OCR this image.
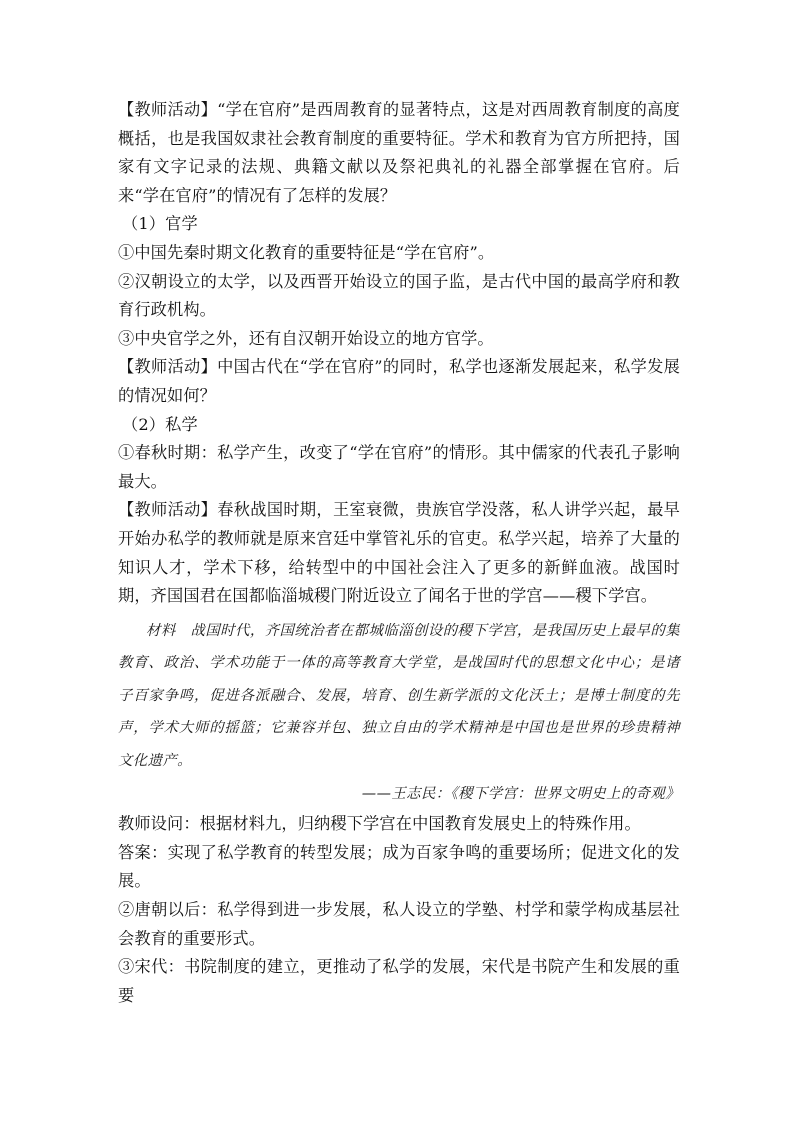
【教师活动】“学在官府”是西周教育的显著特点，这是对西周教育制度的高度概括，也是我国奴隶社会教育制度的重要特征。学术和教育为官方所把持，国家有文字记录的法规、典籍文献以及祭祀典礼的礼器全部掌握在官府。后来“学在官府”的情况有了怎样的发展？

（1）官学

①中国先秦时期文化教育的重要特征是“学在官府”。

②汉朝设立的太学，以及西晋开始设立的国子监，是古代中国的最高学府和教育行政机构。

③中央官学之外，还有自汉朝开始设立的地方官学。

【教师活动】中国古代在“学在官府”的同时，私学也逐渐发展起来，私学发展的情况如何？

（2）私学

①春秋时期：私学产生，改变了“学在官府”的情形。其中儒家的代表孔子影响最大。

【教师活动】春秋战国时期，王室衰微，贵族官学没落，私人讲学兴起，最早开始办私学的教师就是原来宫廷中掌管礼乐的官吏。私学兴起，培养了大量的知识人才，学术下移，给转型中的中国社会注入了更多的新鲜血液。战国时期，齐国国君在国都临淄城稷门附近设立了闻名于世的学宫——稷下学宫。

材料　战国时代，齐国统治者在都城临淄创设的稷下学宫，是我国历史上最早的集教育、政治、学术功能于一体的高等教育大学堂，是战国时代的思想文化中心；是诸子百家争鸣，促进各派融合、发展，培育、创生新学派的文化沃土；是博士制度的先声，学术大师的摇篮；它兼容并包、独立自由的学术精神是中国也是世界的珍贵精神文化遗产。

——王志民：《稷下学宫：世界文明史上的奇观》

教师设问：根据材料九，归纳稷下学宫在中国教育发展史上的特殊作用。

答案：实现了私学教育的转型发展；成为百家争鸣的重要场所；促进文化的发展。

②唐朝以后：私学得到进一步发展，私人设立的学塾、村学和蒙学构成基层社会教育的重要形式。

③宋代：书院制度的建立，更推动了私学的发展，宋代是书院产生和发展的重要
